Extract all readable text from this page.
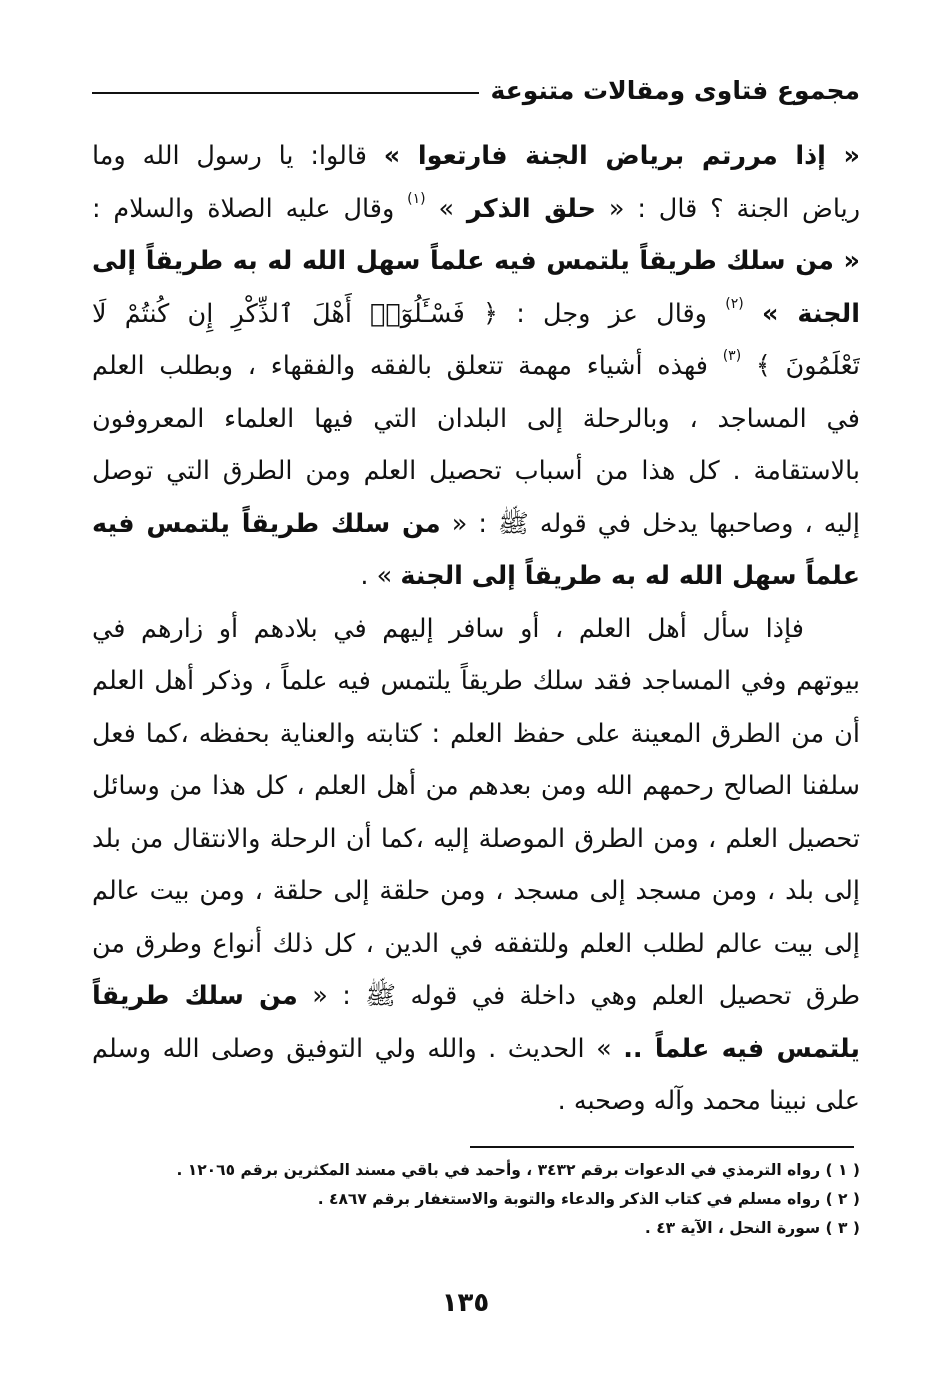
مجموع فتاوى ومقالات متنوعة
« إذا مررتم برياض الجنة فارتعوا » قالوا: يا رسول الله وما
رياض الجنة ؟ قال : « حلق الذكر » $^{(١)}$ وقال عليه الصلاة والسلام :
« من سلك طريقاً يلتمس فيه علماً سهل الله له به طريقاً إلى
الجنة » $^{(٢)}$ وقال عز وجل : ﴿ فَسْـَٔلُوٓا۟ أَهْلَ ٱلذِّكْرِ إِن كُنتُمْ لَا
تَعْلَمُونَ ﴾ $^{(٣)}$ فهذه أشياء مهمة تتعلق بالفقه والفقهاء ، وبطلب العلم
في المساجد ، وبالرحلة إلى البلدان التي فيها العلماء المعروفون
بالاستقامة . كل هذا من أسباب تحصيل العلم ومن الطرق التي توصل
إليه ، وصاحبها يدخل في قوله ﷺ : « من سلك طريقاً يلتمس فيه
علماً سهل الله له به طريقاً إلى الجنة » .
فإذا سأل أهل العلم ، أو سافر إليهم في بلادهم أو زارهم في
بيوتهم وفي المساجد فقد سلك طريقاً يلتمس فيه علماً ، وذكر أهل العلم
أن من الطرق المعينة على حفظ العلم : كتابته والعناية بحفظه ،كما فعل
سلفنا الصالح رحمهم الله ومن بعدهم من أهل العلم ، كل هذا من وسائل
تحصيل العلم ، ومن الطرق الموصلة إليه ،كما أن الرحلة والانتقال من بلد
إلى بلد ، ومن مسجد إلى مسجد ، ومن حلقة إلى حلقة ، ومن بيت عالم
إلى بيت عالم لطلب العلم وللتفقه في الدين ، كل ذلك أنواع وطرق من
طرق تحصيل العلم وهي داخلة في قوله ﷺ : « من سلك طريقاً
يلتمس فيه علماً .. » الحديث . والله ولي التوفيق وصلى الله وسلم
على نبينا محمد وآله وصحبه .
( ١ ) رواه الترمذي في الدعوات برقم ٣٤٣٢ ، وأحمد في باقي مسند المكثرين برقم ١٢٠٦٥ .
( ٢ ) رواه مسلم في كتاب الذكر والدعاء والتوبة والاستغفار برقم ٤٨٦٧ .
( ٣ ) سورة النحل ، الآية ٤٣ .
١٣٥
